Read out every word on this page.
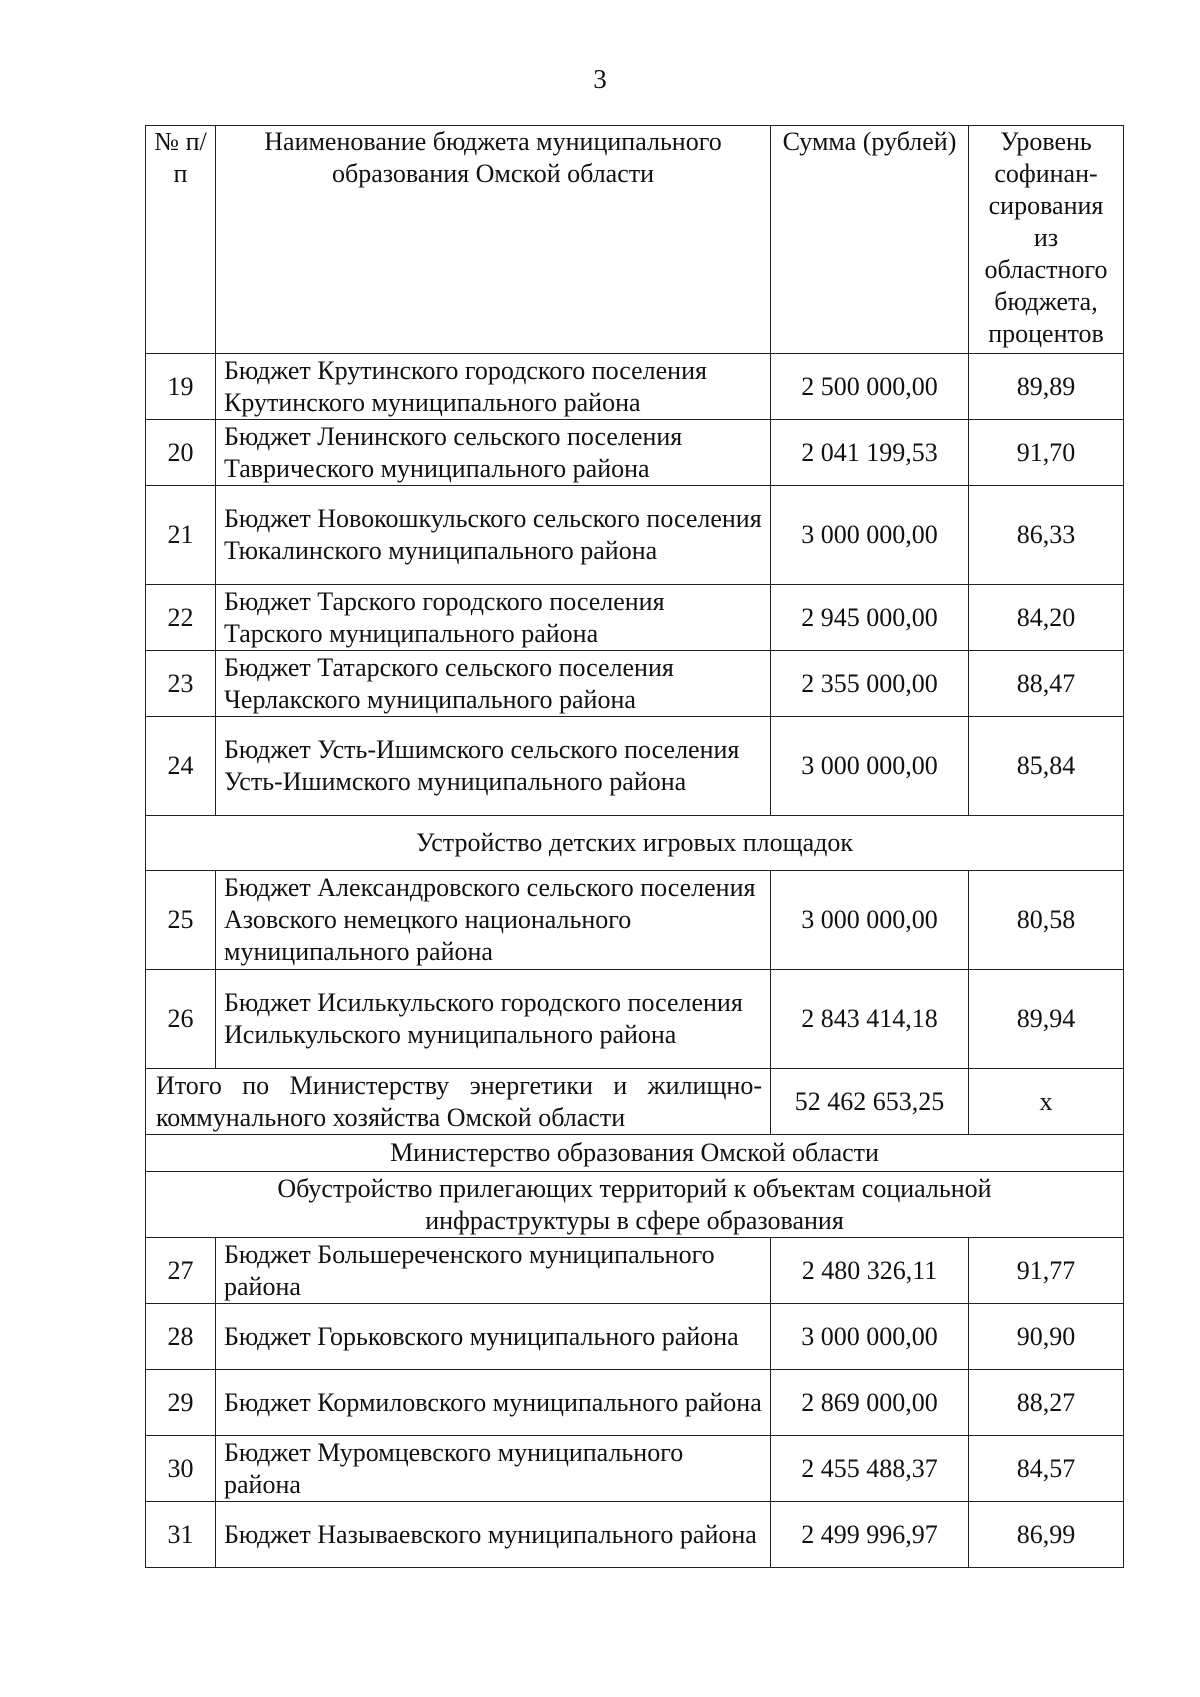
3
№ п/п	Наименование бюджета муниципального образования Омской области	Сумма (рублей)	Уровень софинан-сирования из областного бюджета, процентов
19	Бюджет Крутинского городского поселения Крутинского муниципального района	2 500 000,00	89,89
20	Бюджет Ленинского сельского поселения Таврического муниципального района	2 041 199,53	91,70
21	Бюджет Новокошкульского сельского поселения Тюкалинского муниципального района	3 000 000,00	86,33
22	Бюджет Тарского городского поселения Тарского муниципального района	2 945 000,00	84,20
23	Бюджет Татарского сельского поселения Черлакского муниципального района	2 355 000,00	88,47
24	Бюджет Усть-Ишимского сельского поселения Усть-Ишимского муниципального района	3 000 000,00	85,84
Устройство детских игровых площадок			
25	Бюджет Александровского сельского поселения Азовского немецкого национального муниципального района	3 000 000,00	80,58
26	Бюджет Исилькульского городского поселения Исилькульского муниципального района	2 843 414,18	89,94
Итого по Министерству энергетики и жилищно-коммунального хозяйства Омской области		52 462 653,25	x
Министерство образования Омской области			
Обустройство прилегающих территорий к объектам социальной инфраструктуры в сфере образования			
27	Бюджет Большереченского муниципального района	2 480 326,11	91,77
28	Бюджет Горьковского муниципального района	3 000 000,00	90,90
29	Бюджет Кормиловского муниципального района	2 869 000,00	88,27
30	Бюджет Муромцевского муниципального района	2 455 488,37	84,57
31	Бюджет Называевского муниципального района	2 499 996,97	86,99
